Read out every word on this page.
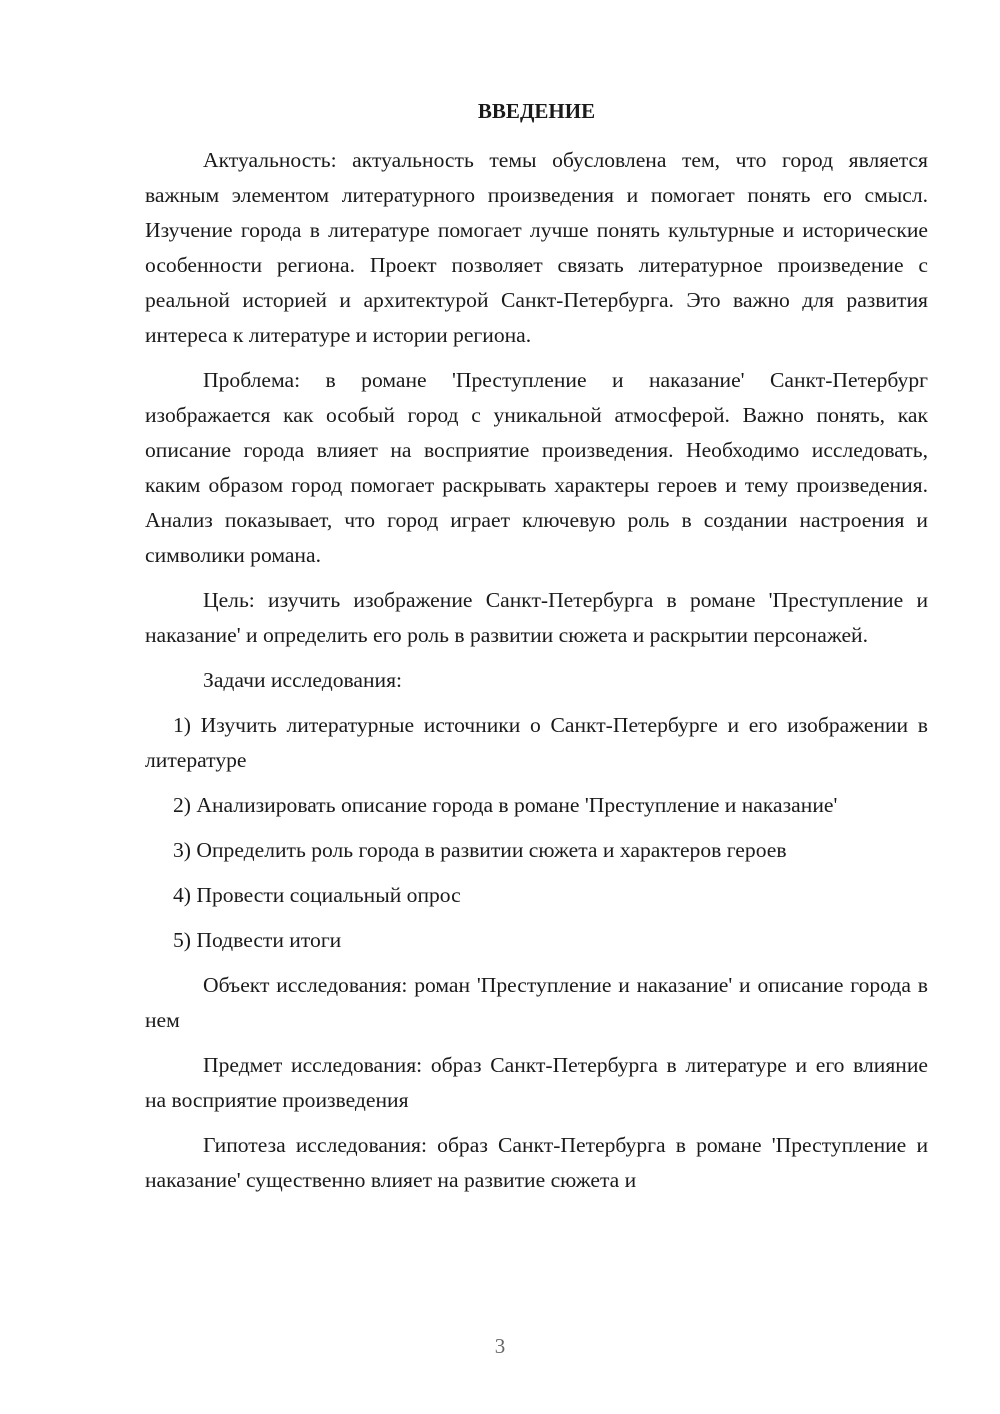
ВВЕДЕНИЕ

Актуальность: актуальность темы обусловлена тем, что город является важным элементом литературного произведения и помогает понять его смысл. Изучение города в литературе помогает лучше понять культурные и исторические особенности региона. Проект позволяет связать литературное произведение с реальной историей и архитектурой Санкт-Петербурга. Это важно для развития интереса к литературе и истории региона.

Проблема: в романе 'Преступление и наказание' Санкт-Петербург изображается как особый город с уникальной атмосферой. Важно понять, как описание города влияет на восприятие произведения. Необходимо исследовать, каким образом город помогает раскрывать характеры героев и тему произведения. Анализ показывает, что город играет ключевую роль в создании настроения и символики романа.

Цель: изучить изображение Санкт-Петербурга в романе 'Преступление и наказание' и определить его роль в развитии сюжета и раскрытии персонажей.

Задачи исследования:

1) Изучить литературные источники о Санкт-Петербурге и его изображении в литературе

2) Анализировать описание города в романе 'Преступление и наказание'

3) Определить роль города в развитии сюжета и характеров героев

4) Провести социальный опрос

5) Подвести итоги

Объект исследования: роман 'Преступление и наказание' и описание города в нем

Предмет исследования: образ Санкт-Петербурга в литературе и его влияние на восприятие произведения

Гипотеза исследования: образ Санкт-Петербурга в романе 'Преступление и наказание' существенно влияет на развитие сюжета и

3
